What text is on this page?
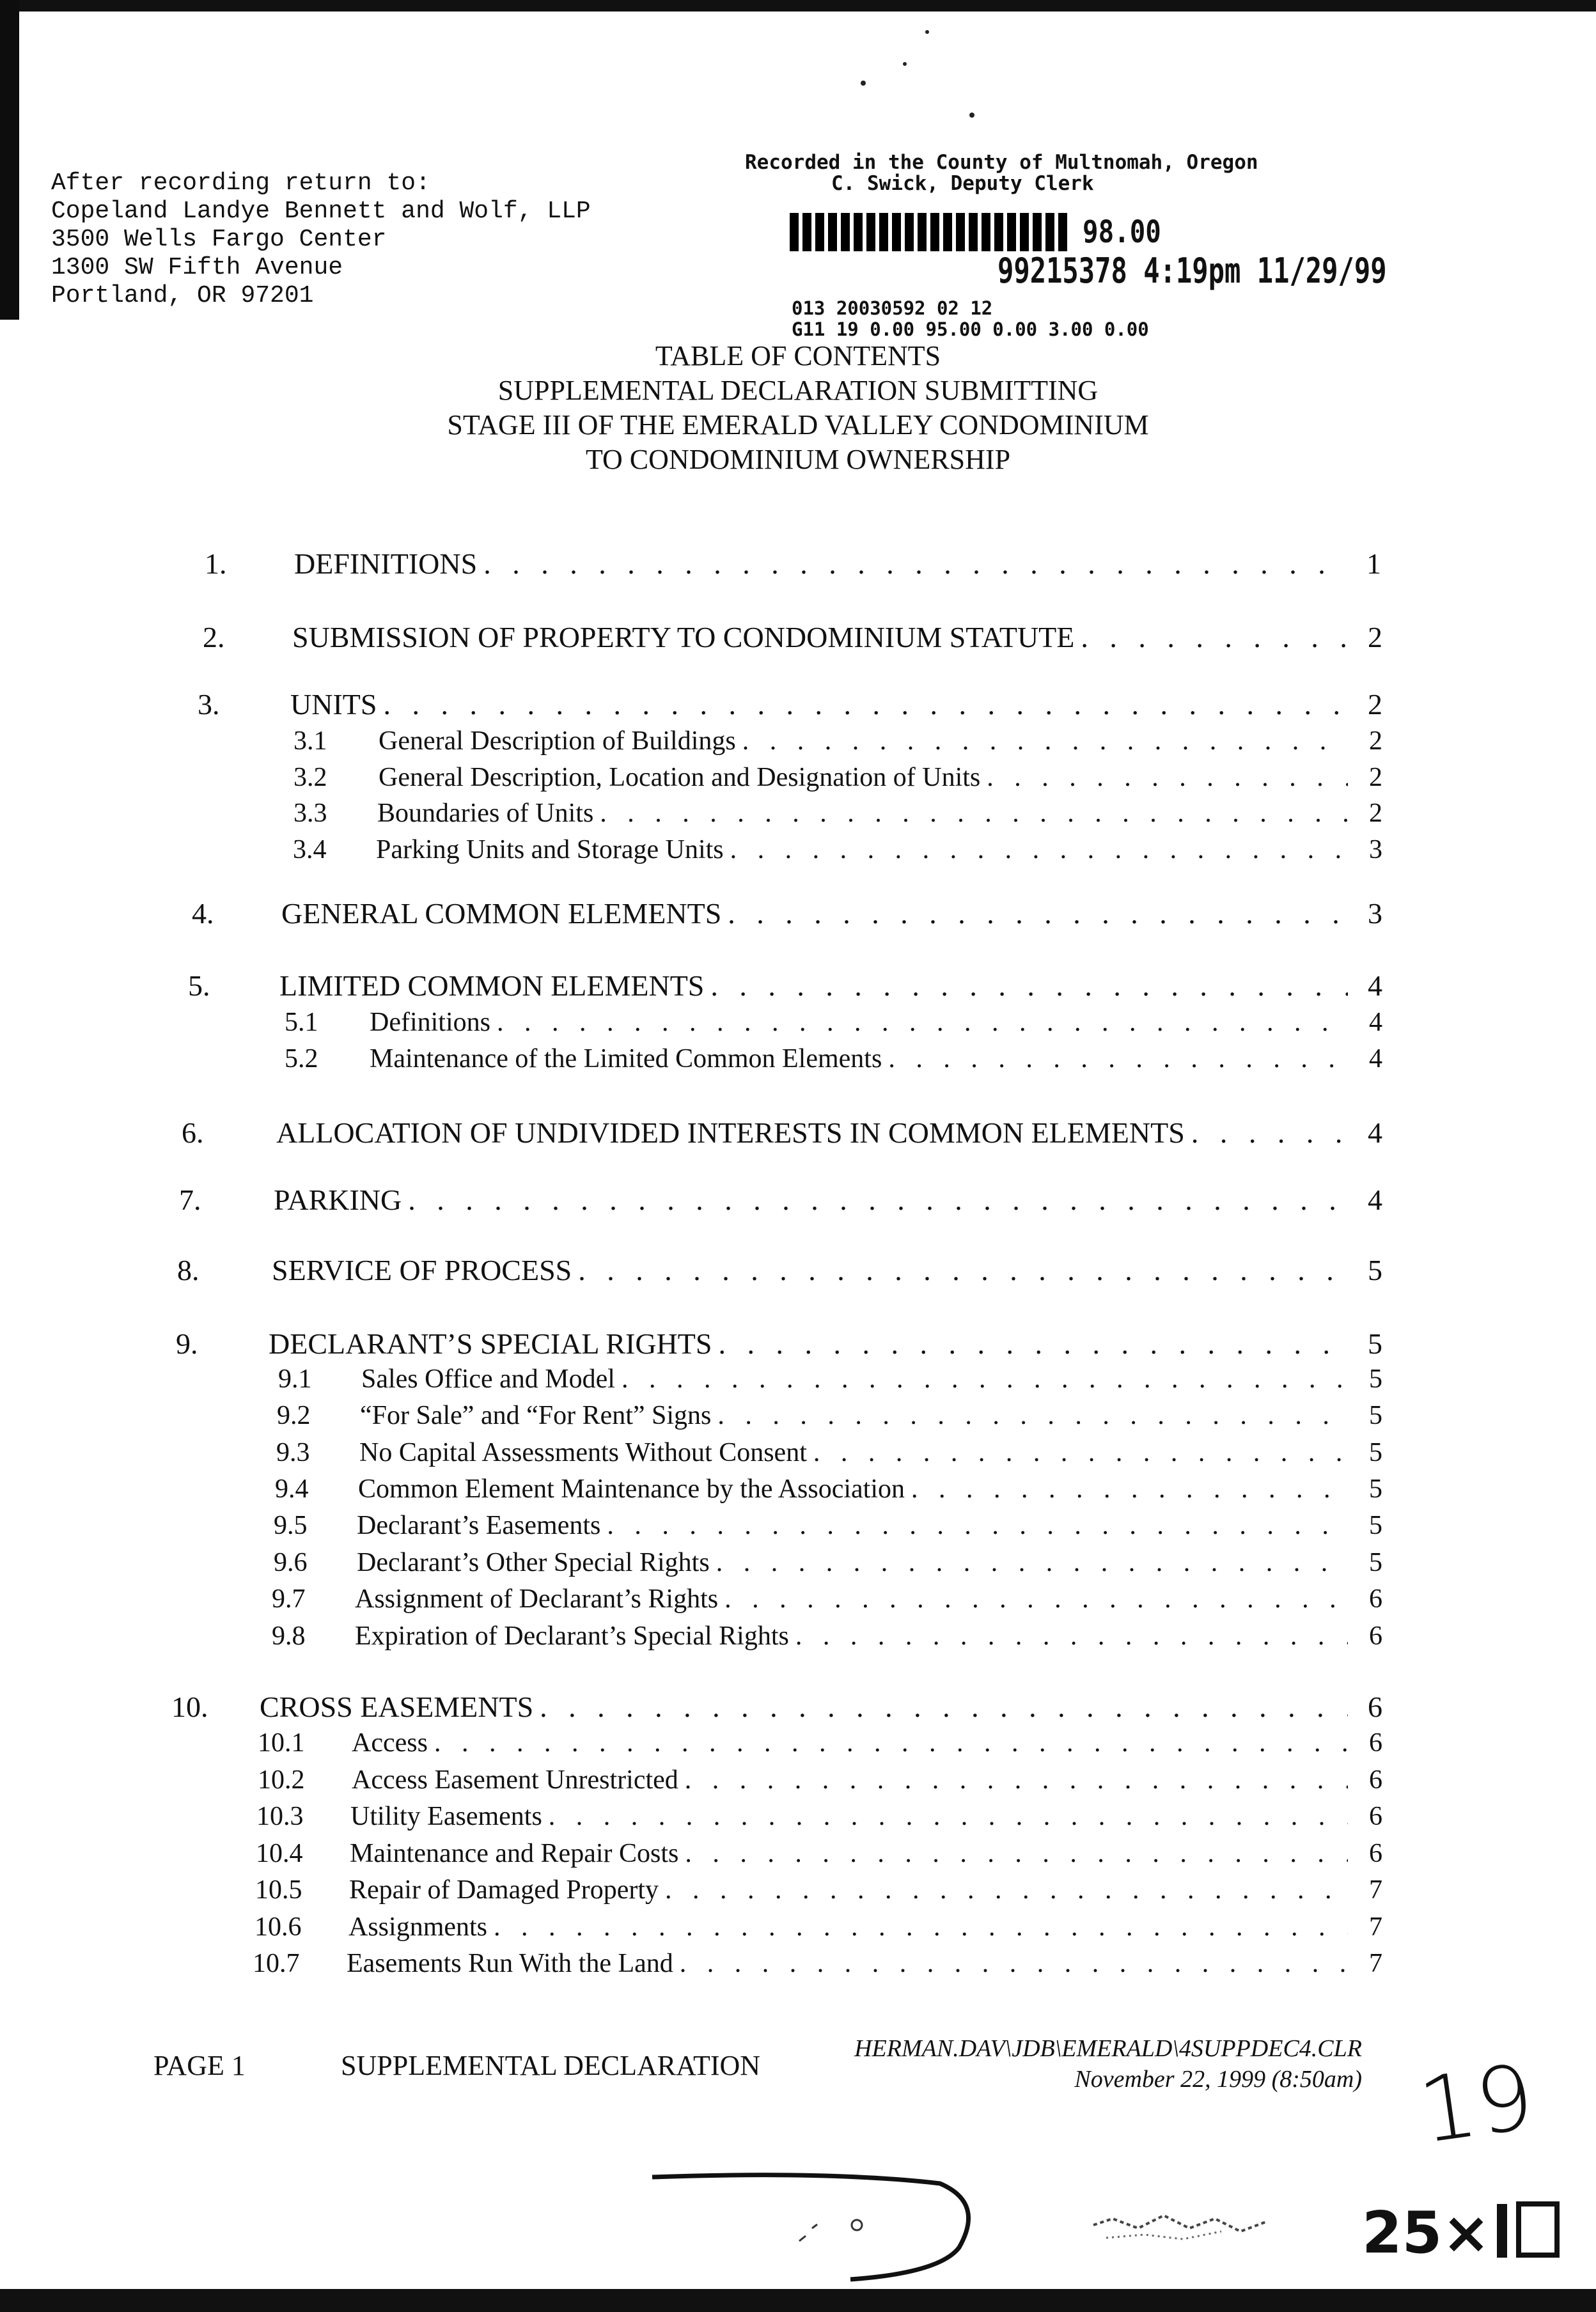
After recording return to:
Copeland Landye Bennett and Wolf, LLP
3500 Wells Fargo Center
1300 SW Fifth Avenue
Portland, OR 97201
Recorded in the County of Multnomah, Oregon
C. Swick, Deputy Clerk
98.00
99215378 4:19pm 11/29/99
013 20030592 02 12
G11 19 0.00 95.00 0.00 3.00 0.00
TABLE OF CONTENTS
SUPPLEMENTAL DECLARATION SUBMITTING
STAGE III OF THE EMERALD VALLEY CONDOMINIUM
TO CONDOMINIUM OWNERSHIP
1. DEFINITIONS . . .	1
2. SUBMISSION OF PROPERTY TO CONDOMINIUM STATUTE . . .	2
3. UNITS . . .	2
3.1 General Description of Buildings . . .	2
3.2 General Description, Location and Designation of Units . . .	2
3.3 Boundaries of Units . . .	2
3.4 Parking Units and Storage Units . . .	3
4. GENERAL COMMON ELEMENTS . . .	3
5. LIMITED COMMON ELEMENTS . . .	4
5.1 Definitions . . .	4
5.2 Maintenance of the Limited Common Elements . . .	4
6. ALLOCATION OF UNDIVIDED INTERESTS IN COMMON ELEMENTS . . .	4
7. PARKING . . .	4
8. SERVICE OF PROCESS . . .	5
9. DECLARANT’S SPECIAL RIGHTS . . .	5
9.1 Sales Office and Model . . .	5
9.2 “For Sale” and “For Rent” Signs . . .	5
9.3 No Capital Assessments Without Consent . . .	5
9.4 Common Element Maintenance by the Association . . .	5
9.5 Declarant’s Easements . . .	5
9.6 Declarant’s Other Special Rights . . .	5
9.7 Assignment of Declarant’s Rights . . .	6
9.8 Expiration of Declarant’s Special Rights . . .	6
10. CROSS EASEMENTS . . .	6
10.1 Access . . .	6
10.2 Access Easement Unrestricted . . .	6
10.3 Utility Easements . . .	6
10.4 Maintenance and Repair Costs . . .	6
10.5 Repair of Damaged Property . . .	7
10.6 Assignments . . .	7
10.7 Easements Run With the Land . . .	7
PAGE 1	SUPPLEMENTAL DECLARATION
HERMAN.DAV\JDB\EMERALD\4SUPPDEC4.CLR
November 22, 1999 (8:50am) 19
25×
